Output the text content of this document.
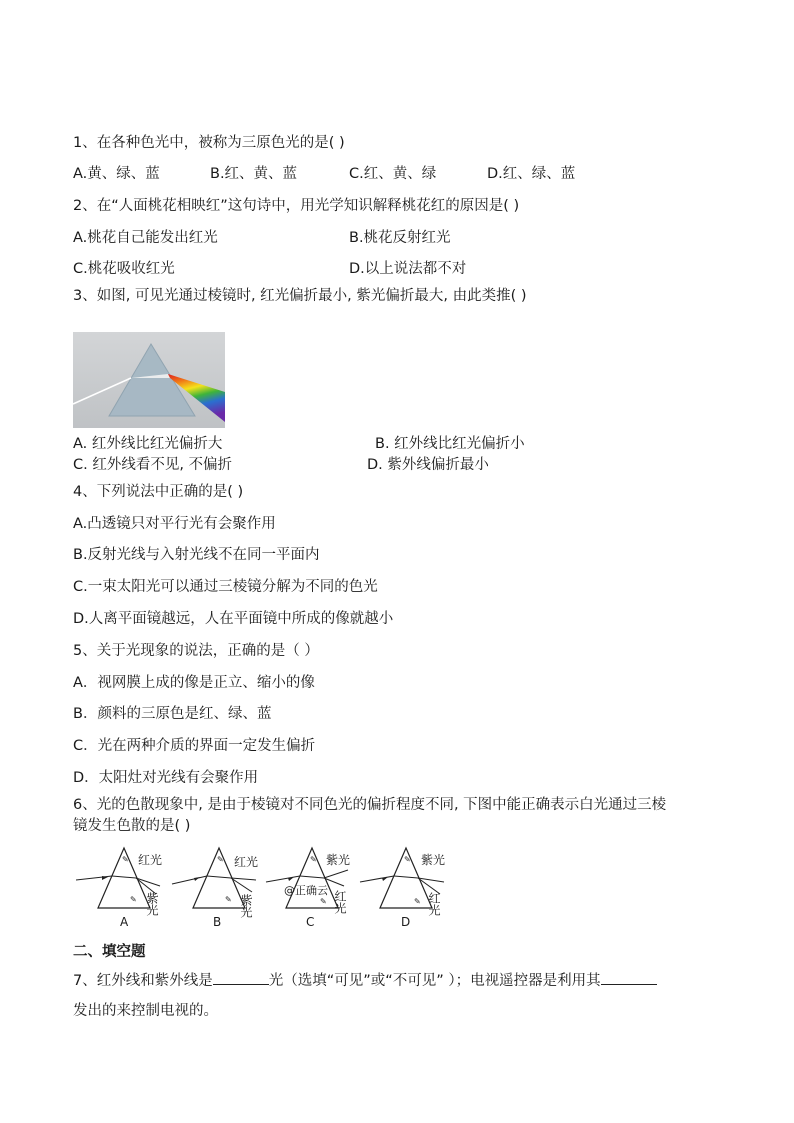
1、在各种色光中，被称为三原色光的是( )
A.黄、绿、蓝	B.红、黄、蓝	C.红、黄、绿	D.红、绿、蓝
2、在“人面桃花相映红”这句诗中，用光学知识解释桃花红的原因是( )
A.桃花自己能发出红光	B.桃花反射红光
C.桃花吸收红光	D.以上说法都不对
3、如图, 可见光通过棱镜时, 红光偏折最小, 紫光偏折最大, 由此类推( )
A. 红外线比红光偏折大	B. 红外线比红光偏折小
C. 红外线看不见, 不偏折	D. 紫外线偏折最小
4、下列说法中正确的是( )
A.凸透镜只对平行光有会聚作用
B.反射光线与入射光线不在同一平面内
C.一束太阳光可以通过三棱镜分解为不同的色光
D.人离平面镜越远，人在平面镜中所成的像就越小
5、关于光现象的说法，正确的是（ ）
A．视网膜上成的像是正立、缩小的像
B．颜料的三原色是红、绿、蓝
C．光在两种介质的界面一定发生偏折
D．太阳灶对光线有会聚作用
6、光的色散现象中, 是由于棱镜对不同色光的偏折程度不同, 下图中能正确表示白光通过三棱
镜发生色散的是( )
✎
✎
红光
紫光
A
✎
✎
红光
紫光
B
✎
✎
紫光
@正确云 红光
C
✎
✎
紫光
红光
D
二、填空题
7、红外线和紫外线是	光（选填“可见”或“不可见” ）；电视遥控器是利用其
发出的来控制电视的。
